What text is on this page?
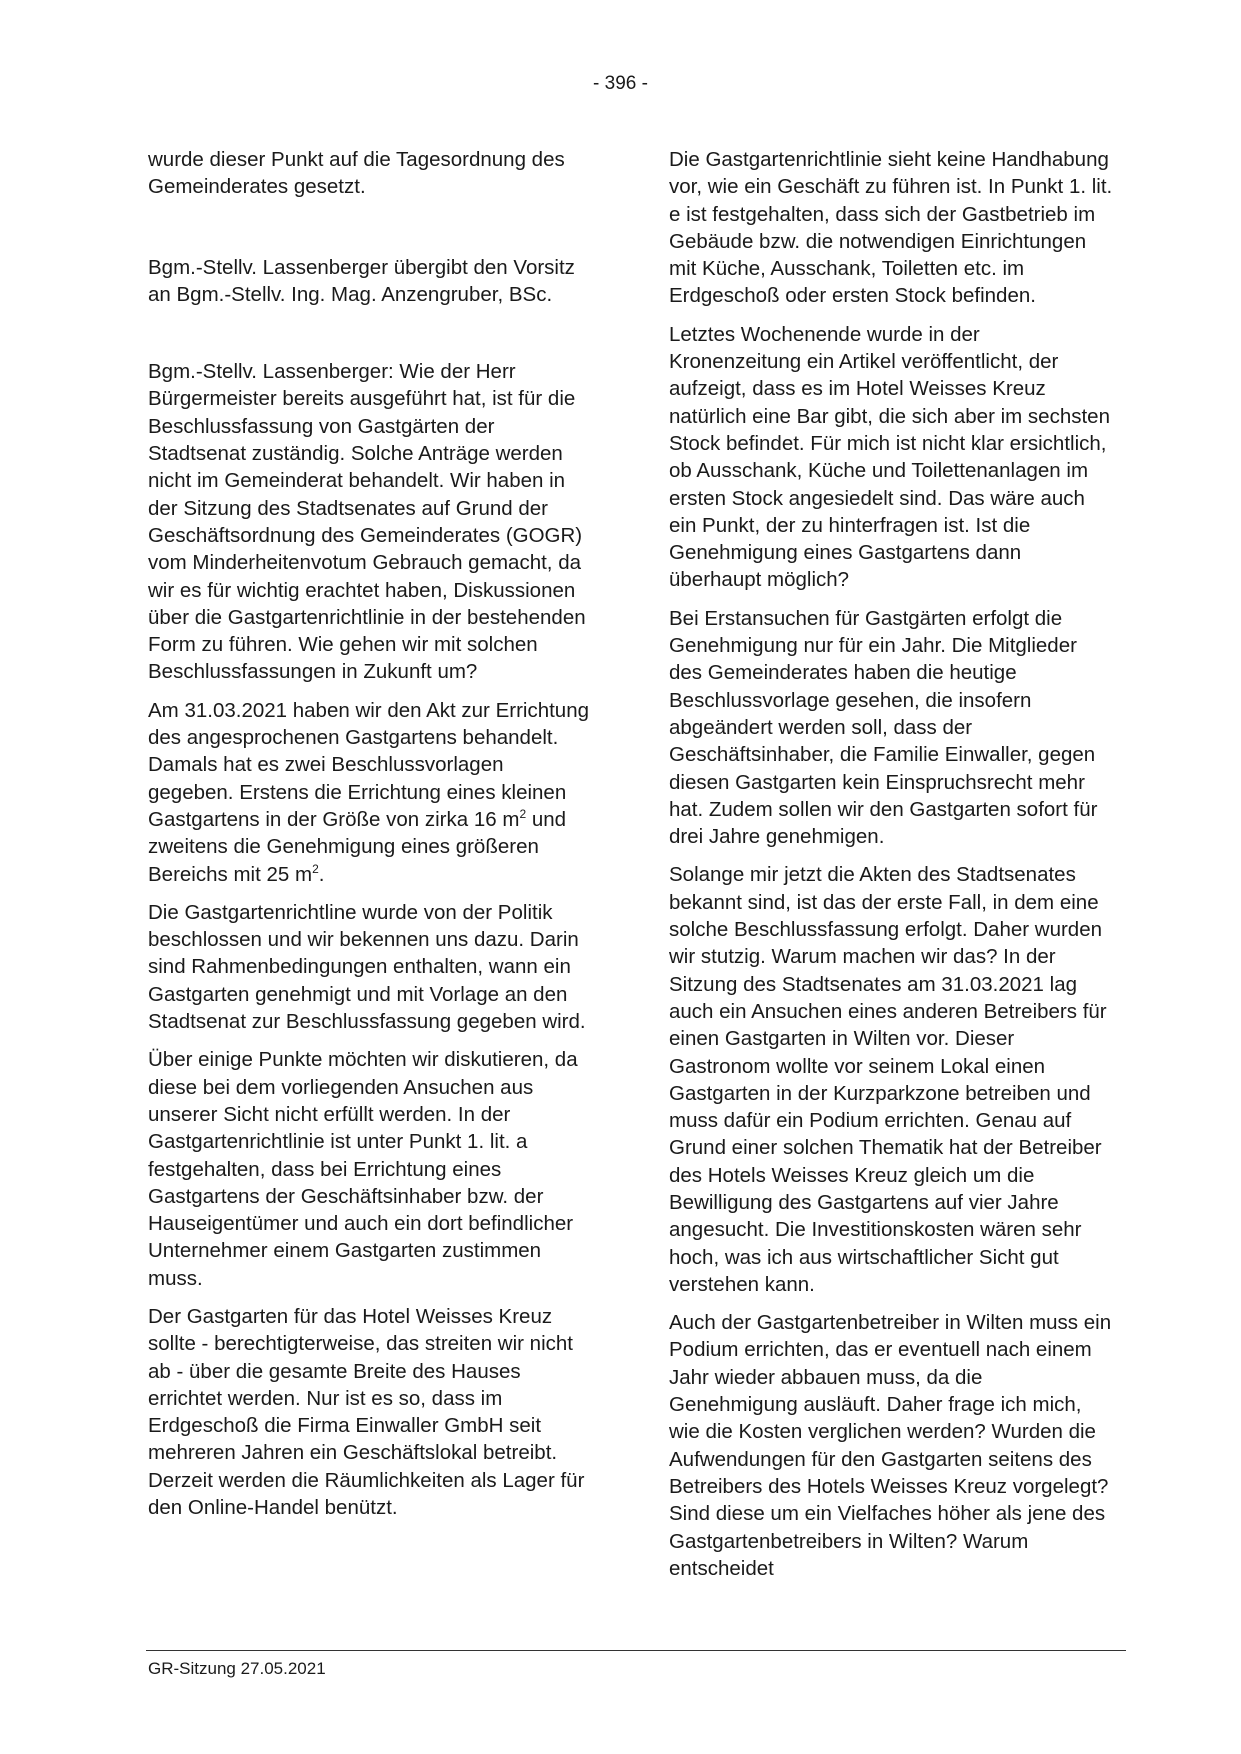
- 396 -

wurde dieser Punkt auf die Tagesordnung des Gemeinderates gesetzt.

Bgm.-Stellv. Lassenberger übergibt den Vorsitz an Bgm.-Stellv. Ing. Mag. Anzengruber, BSc.

Bgm.-Stellv. Lassenberger: Wie der Herr Bürgermeister bereits ausgeführt hat, ist für die Beschlussfassung von Gastgärten der Stadtsenat zuständig. Solche Anträge werden nicht im Gemeinderat behandelt. Wir haben in der Sitzung des Stadtsenates auf Grund der Geschäftsordnung des Gemeinderates (GOGR) vom Minderheitenvotum Gebrauch gemacht, da wir es für wichtig erachtet haben, Diskussionen über die Gastgartenrichtlinie in der bestehenden Form zu führen. Wie gehen wir mit solchen Beschlussfassungen in Zukunft um?

Am 31.03.2021 haben wir den Akt zur Errichtung des angesprochenen Gastgartens behandelt. Damals hat es zwei Beschlussvorlagen gegeben. Erstens die Errichtung eines kleinen Gastgartens in der Größe von zirka 16 $m^2$ und zweitens die Genehmigung eines größeren Bereichs mit 25 $m^2$.

Die Gastgartenrichtline wurde von der Politik beschlossen und wir bekennen uns dazu. Darin sind Rahmenbedingungen enthalten, wann ein Gastgarten genehmigt und mit Vorlage an den Stadtsenat zur Beschlussfassung gegeben wird.

Über einige Punkte möchten wir diskutieren, da diese bei dem vorliegenden Ansuchen aus unserer Sicht nicht erfüllt werden. In der Gastgartenrichtlinie ist unter Punkt 1. lit. a festgehalten, dass bei Errichtung eines Gastgartens der Geschäftsinhaber bzw. der Hauseigentümer und auch ein dort befindlicher Unternehmer einem Gastgarten zustimmen muss.

Der Gastgarten für das Hotel Weisses Kreuz sollte - berechtigterweise, das streiten wir nicht ab - über die gesamte Breite des Hauses errichtet werden. Nur ist es so, dass im Erdgeschoß die Firma Einwaller GmbH seit mehreren Jahren ein Geschäftslokal betreibt. Derzeit werden die Räumlichkeiten als Lager für den Online-Handel benützt.

Die Gastgartenrichtlinie sieht keine Handhabung vor, wie ein Geschäft zu führen ist. In Punkt 1. lit. e ist festgehalten, dass sich der Gastbetrieb im Gebäude bzw. die notwendigen Einrichtungen mit Küche, Ausschank, Toiletten etc. im Erdgeschoß oder ersten Stock befinden.

Letztes Wochenende wurde in der Kronenzeitung ein Artikel veröffentlicht, der aufzeigt, dass es im Hotel Weisses Kreuz natürlich eine Bar gibt, die sich aber im sechsten Stock befindet. Für mich ist nicht klar ersichtlich, ob Ausschank, Küche und Toilettenanlagen im ersten Stock angesiedelt sind. Das wäre auch ein Punkt, der zu hinterfragen ist. Ist die Genehmigung eines Gastgartens dann überhaupt möglich?

Bei Erstansuchen für Gastgärten erfolgt die Genehmigung nur für ein Jahr. Die Mitglieder des Gemeinderates haben die heutige Beschlussvorlage gesehen, die insofern abgeändert werden soll, dass der Geschäftsinhaber, die Familie Einwaller, gegen diesen Gastgarten kein Einspruchsrecht mehr hat. Zudem sollen wir den Gastgarten sofort für drei Jahre genehmigen.

Solange mir jetzt die Akten des Stadtsenates bekannt sind, ist das der erste Fall, in dem eine solche Beschlussfassung erfolgt. Daher wurden wir stutzig. Warum machen wir das? In der Sitzung des Stadtsenates am 31.03.2021 lag auch ein Ansuchen eines anderen Betreibers für einen Gastgarten in Wilten vor. Dieser Gastronom wollte vor seinem Lokal einen Gastgarten in der Kurzparkzone betreiben und muss dafür ein Podium errichten. Genau auf Grund einer solchen Thematik hat der Betreiber des Hotels Weisses Kreuz gleich um die Bewilligung des Gastgartens auf vier Jahre angesucht. Die Investitionskosten wären sehr hoch, was ich aus wirtschaftlicher Sicht gut verstehen kann.

Auch der Gastgartenbetreiber in Wilten muss ein Podium errichten, das er eventuell nach einem Jahr wieder abbauen muss, da die Genehmigung ausläuft. Daher frage ich mich, wie die Kosten verglichen werden? Wurden die Aufwendungen für den Gastgarten seitens des Betreibers des Hotels Weisses Kreuz vorgelegt? Sind diese um ein Vielfaches höher als jene des Gastgartenbetreibers in Wilten? Warum entscheidet

GR-Sitzung 27.05.2021
